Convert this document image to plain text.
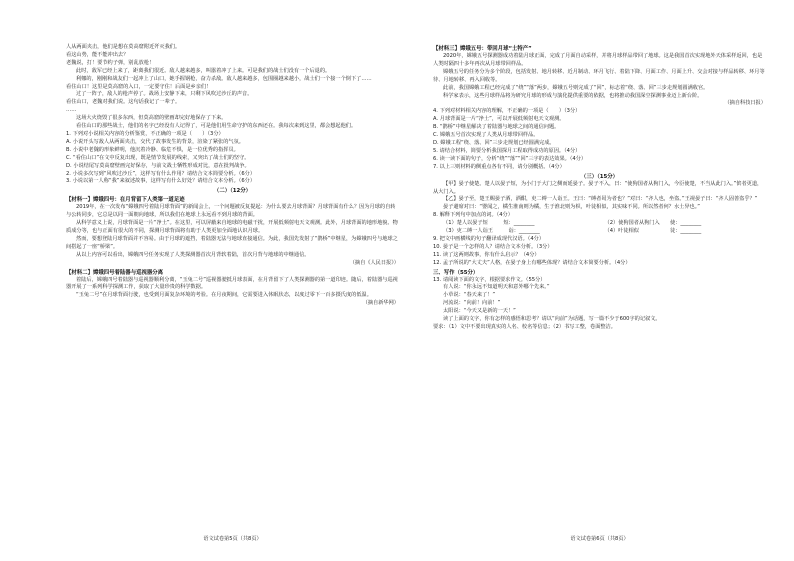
人从两面夹击，他们是想在莫高窟附近歼灭我们。

看这山势，能不能冲出去？

老魏说，打！要节约子弹，别乱放枪！

此时，敌军已经上来了，距离我们很近。敌人越来越多，叫嚣着冲了上来。可是我们的战士们没有一个后退的。

利娜的，刚刚和战友们一起冲上了山口，她手握钢枪，奋力杀敌。敌人越来越多，包围圈越来越小，战士们一个接一个倒下了……

看住山口！这里是莫高窟的入口，一定要守住！后面是乡亲们！

过了一阵子，敌人的枪声停了。战场上安静下来，只剩下风吹过沙丘的声音。

看住山口，老魏对我们说。这句话我记了一辈子。

……

这场大火烧毁了很多东西，但莫高窟的壁画却完好地保存了下来。

看住山口的那些战士，他们的名字已经没有人记得了，可是他们用生命守护的东西还在。我每次来到这里，都会想起他们。

1. 下列对小说相关内容的分析鉴赏，不正确的一项是（　　）（3分）

A. 小说开头写敌人从两面夹击，交代了故事发生的背景，渲染了紧张的气氛。

B. 小说中老魏的形象鲜明，他沉着冷静、临危不惧，是一位优秀的指挥员。

C. “看住山口”在文中反复出现，既是情节发展的线索，又突出了战士们的坚守。

D. 小说结尾写莫高窟壁画完好保存，与前文战士牺牲形成对比，意在批判战争。

2. 小说多次写到“风吹过沙丘”，这样写有什么作用？请结合文本简要分析。（6分）

3. 小说以第一人称“我”来叙述故事，这样写有什么好处？请结合文本分析。（6分）

（二）（12分）

【材料一】嫦娥四号：在月背留下人类第一道足迹

2019年，在一次发布“嫦娥四号着陆月球背面”的新闻会上，一个问题被反复提起：为什么要去月球背面？月球背面有什么？因为月球的自转与公转同步，它总是以同一面朝向地球，所以我们在地球上永远看不到月球的背面。

从科学意义上说，月球背面是一片“净土”。在这里，可以屏蔽来自地球的电磁干扰，开展低频射电天文观测。此外，月球背面的地形地貌、物质成分等，也与正面有很大的不同，探测月球背面将有助于人类更加全面地认识月球。

然而，要想登陆月球背面并不容易。由于月球的遮挡，着陆器无法与地球直接通信。为此，我国先发射了“鹊桥”中继星，为嫦娥四号与地球之间搭起了一座“桥梁”。

从以上内容可以看出，嫦娥四号任务实现了人类探测器首次月背软着陆，首次月背与地球的中继通信。

（摘自《人民日报》）

【材料二】嫦娥四号着陆器与巡视器分离

着陆后，嫦娥四号着陆器与巡视器顺利分离，“玉兔二号”巡视器驶抵月球表面，在月背留下了人类探测器的第一道印迹。随后，着陆器与巡视器开展了一系列科学探测工作，获取了大量珍贵的科学数据。

“玉兔二号”在月球背面行驶，也受到月面复杂环境的考验。在月夜期间，它需要进入休眠状态，以度过零下一百多摄氏度的低温。

（摘自新华网）

语文试卷第5页（共8页）

【材料三】嫦娥五号：带回月球“土特产”

2020年，嫦娥五号探测器成功着陆月球正面，完成了月面自动采样，并将月球样品带回了地球。这是我国首次实现地外天体采样返回，也是人类时隔四十多年再次从月球带回样品。

嫦娥五号的任务分为多个阶段，包括发射、地月转移、近月制动、环月飞行、着陆下降、月面工作、月面上升、交会对接与样品转移、环月等待、月地转移、再入回收等。

此前，我国嫦娥工程已经完成了“绕”“落”两步，嫦娥五号则完成了“回”，标志着“绕、落、回”三步走规划圆满收官。

科学家表示，这些月球样品将为研究月球的形成与演化提供重要的依据，也将推动我国深空探测事业迈上新台阶。

（摘自科技日报）

4. 下列对材料相关内容的理解，不正确的一项是（　　）（3分）

A. 月球背面是一片“净土”，可以开展低频射电天文观测。

B. “鹊桥”中继星解决了着陆器与地球之间的通信问题。

C. 嫦娥五号首次实现了人类从月球带回样品。

D. 嫦娥工程“绕、落、回”三步走规划已经圆满完成。

5. 请结合材料，简要分析我国探月工程取得成功的原因。（4分）

6. 读一读下面的句子，分析“绕”“落”“回”三字的表达效果。（4分）

7. 以上三则材料的侧重点各有不同，请分别概括。（4分）

（三）（15分）

【甲】晏子使楚。楚人以晏子短，为小门于大门之侧而延晏子。晏子不入，曰：“使狗国者从狗门入，今臣使楚，不当从此门入。”傧者更道，从大门入。

【乙】晏子至，楚王赐晏子酒，酒酣，吏二缚一人诣王。王曰：“缚者曷为者也？”对曰：“齐人也，坐盗。”王视晏子曰：“齐人固善盗乎？”

晏子避席对曰：“婴闻之，橘生淮南则为橘，生于淮北则为枳，叶徒相似，其实味不同。所以然者何？水土异也。”

8. 解释下列句中加点的词。（4分）

（1）楚人以晏子短　　　短：________	（2）使狗国者从狗门入　　使：________
（3）吏二缚一人诣王　　　诣：________	（4）叶徒相似　　　　　　徒：________

9. 把文中画横线的句子翻译成现代汉语。（4分）

10. 晏子是一个怎样的人？请结合文本分析。（3分）

11. 读了这两则故事，你有什么启示？（4分）

12. 孟子所说的“大丈夫”人格，在晏子身上有哪些体现？请结合文本简要分析。（4分）

三、写作（55分）

13. 请阅读下面的文字，根据要求作文。（55分）

有人说：“你永远不知道明天和意外哪个先来。”

小草说：“春天来了！”

河流说：“向前！向前！”

太阳说：“今天又是新的一天！”

读了上面的文字，你有怎样的感悟和思考？请以“向前”为话题，写一篇不少于600字的记叙文。

要求：（1）文中不要出现真实的人名、校名等信息；（2）书写工整，卷面整洁。

语文试卷第6页（共8页）
